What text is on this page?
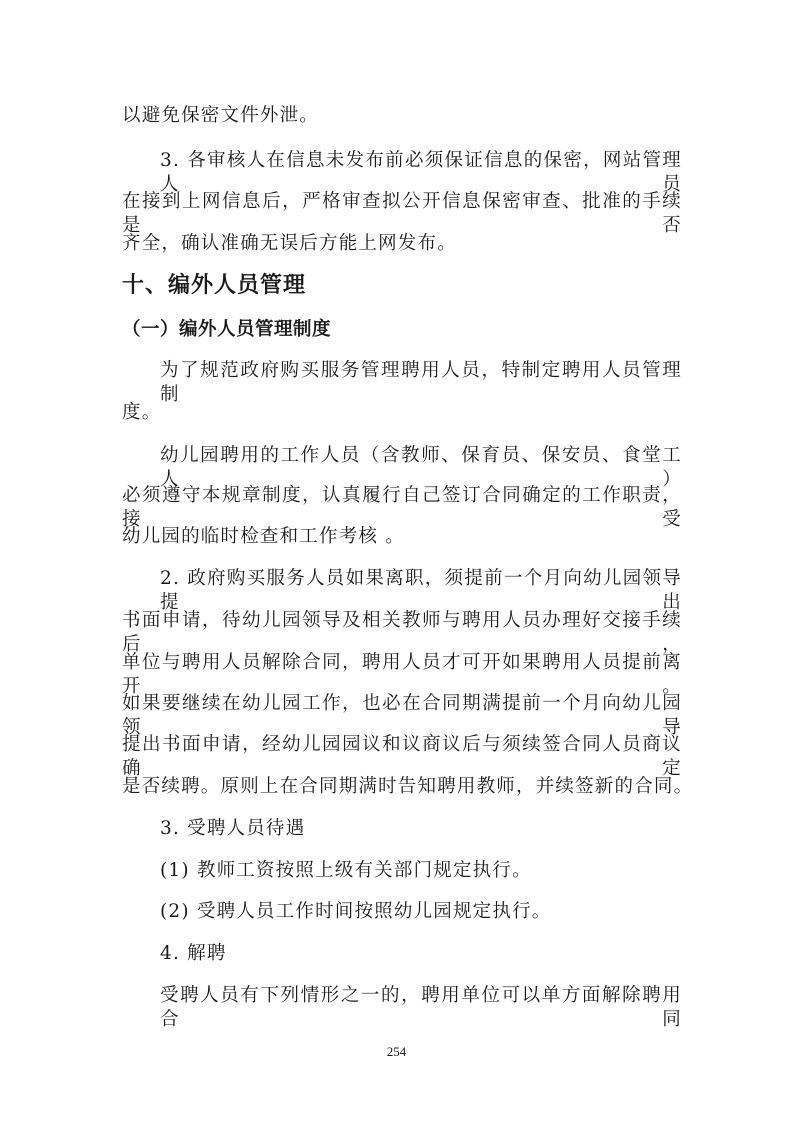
以避免保密文件外泄。
3. 各审核人在信息未发布前必须保证信息的保密，网站管理人员
在接到上网信息后，严格审查拟公开信息保密审查、批准的手续是否
齐全，确认准确无误后方能上网发布。
十、编外人员管理
（一）编外人员管理制度
为了规范政府购买服务管理聘用人员，特制定聘用人员管理制
度。
幼儿园聘用的工作人员（含教师、保育员、保安员、食堂工人）
必须遵守本规章制度，认真履行自己签订合同确定的工作职责，接受
幼儿园的临时检查和工作考核 。
2. 政府购买服务人员如果离职，须提前一个月向幼儿园领导提出
书面申请，待幼儿园领导及相关教师与聘用人员办理好交接手续后，
单位与聘用人员解除合同，聘用人员才可开如果聘用人员提前离开。
如果要继续在幼儿园工作，也必在合同期满提前一个月向幼儿园领导
提出书面申请，经幼儿园园议和议商议后与须续签合同人员商议确定
是否续聘。原则上在合同期满时告知聘用教师，并续签新的合同。
3. 受聘人员待遇
(1) 教师工资按照上级有关部门规定执行。
(2) 受聘人员工作时间按照幼儿园规定执行。
4. 解聘
受聘人员有下列情形之一的，聘用单位可以单方面解除聘用合同
254
